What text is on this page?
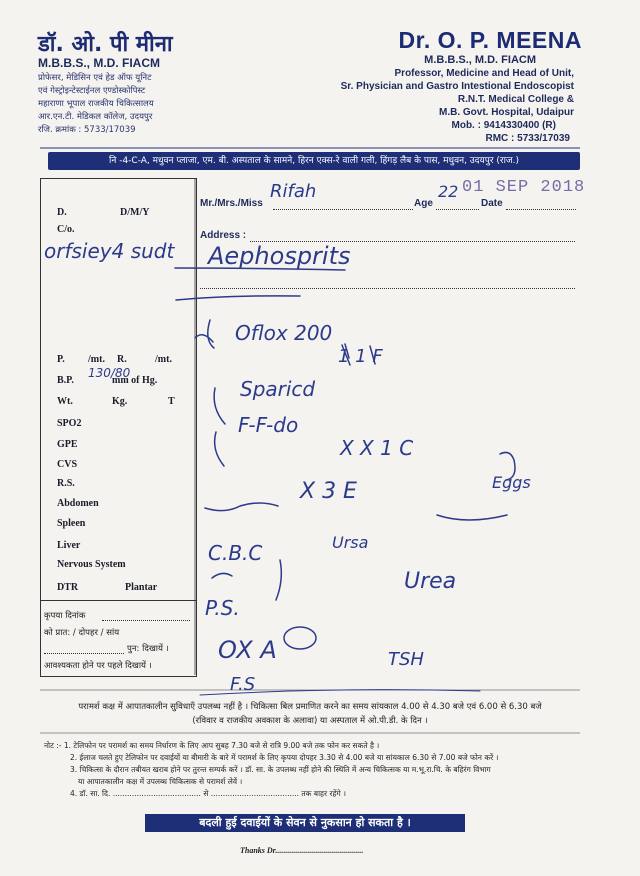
डॉ. ओ. पी मीना
M.B.B.S., M.D. FIACM
प्रोफेसर, मेडिसिन एवं हेड ऑफ यूनिट
एवं गेस्ट्रोइन्टेस्टाईनल एण्डोस्कोपिस्ट
महाराणा भूपाल राजकीय चिकित्सालय
आर.एन.टी. मेडिकल कॉलेज, उदयपुर
रजि. क्रमांक : 5733/17039
Dr. O. P. MEENA
M.B.B.S., M.D. FIACM
Professor, Medicine and Head of Unit,
Sr. Physician and Gastro Intestional Endoscopist
R.N.T. Medical College &
M.B. Govt. Hospital, Udaipur
Mob. : 9414330400 (R)
RMC : 5733/17039
नि -4-C-A, मधुवन प्लाजा, एम. बी. अस्पताल के सामने, हिरन एक्स-रे वाली गली, हिंगड़ लैब के पास, मधुवन, उदयपुर (राज.)
01 SEP 2018
Mr./Mrs./Miss	Age	Date
Address :
D.	D/M/Y
C/o.
P. /mt. R.	/mt.
B.P.	mm of Hg.
Wt.	Kg.	T
SPO2
GPE
CVS
R.S.
Abdomen
Spleen
Liver
Nervous System
DTR	Plantar
कृपया दिनांक
को प्रात: / दोपहर / सांय
पुन: दिखायें ।
आवश्यकता होने पर पहले दिखायें ।
परामर्श कक्ष में आपातकालीन सुविधाएँ उपलब्ध नहीं है । चिकित्सा बिल प्रमाणित करने का समय सांयकाल 4.00 से 4.30 बजे एवं 6.00 से 6.30 बजे
(रविवार व राजकीय अवकाश के अलावा) या अस्पताल में ओ.पी.डी. के दिन ।
नोट :- 1. टेलिफोन पर परामर्श का समय निर्धारण के लिए आप सुबह 7.30 बजे से रात्रि 9.00 बजे तक फोन कर सकते है ।
2. ईलाज चलते हुए टेलिफोन पर दवाईयों या बीमारी के बारे में परामर्श के लिए कृपया दोपहर 3.30 से 4.00 बजे या सांयकाल 6.30 से 7.00 बजे फोन करें ।
3. चिकित्सा के दौरान तबीयत खराब होने पर तुरन्त सम्पर्क करें । डॉ. सा. के उपलब्ध नहीं होने की स्थिति में अन्य चिकित्सक या म.भू.रा.चि. के बहिरंग विभाग
या आपातकालीन कक्ष में उपलब्ध चिकित्सक से परामर्श लेवें ।
4. डॉ. सा. दि. ..................................... से ..................................... तक बाहर रहेंगे ।
बदली हुई दवाईयों के सेवन से नुकसान हो सकता है ।
Thanks Dr............................................
Rifah	22
Aephosprits
orfsiey4 sudt
130/80
Oflox 200
1 1 F
Sparicd
F-F-do
X X 1 C
X 3 E
Ursa
TSH
Eggs
C.B.C
Urea
P.S.
OX A
F.S
